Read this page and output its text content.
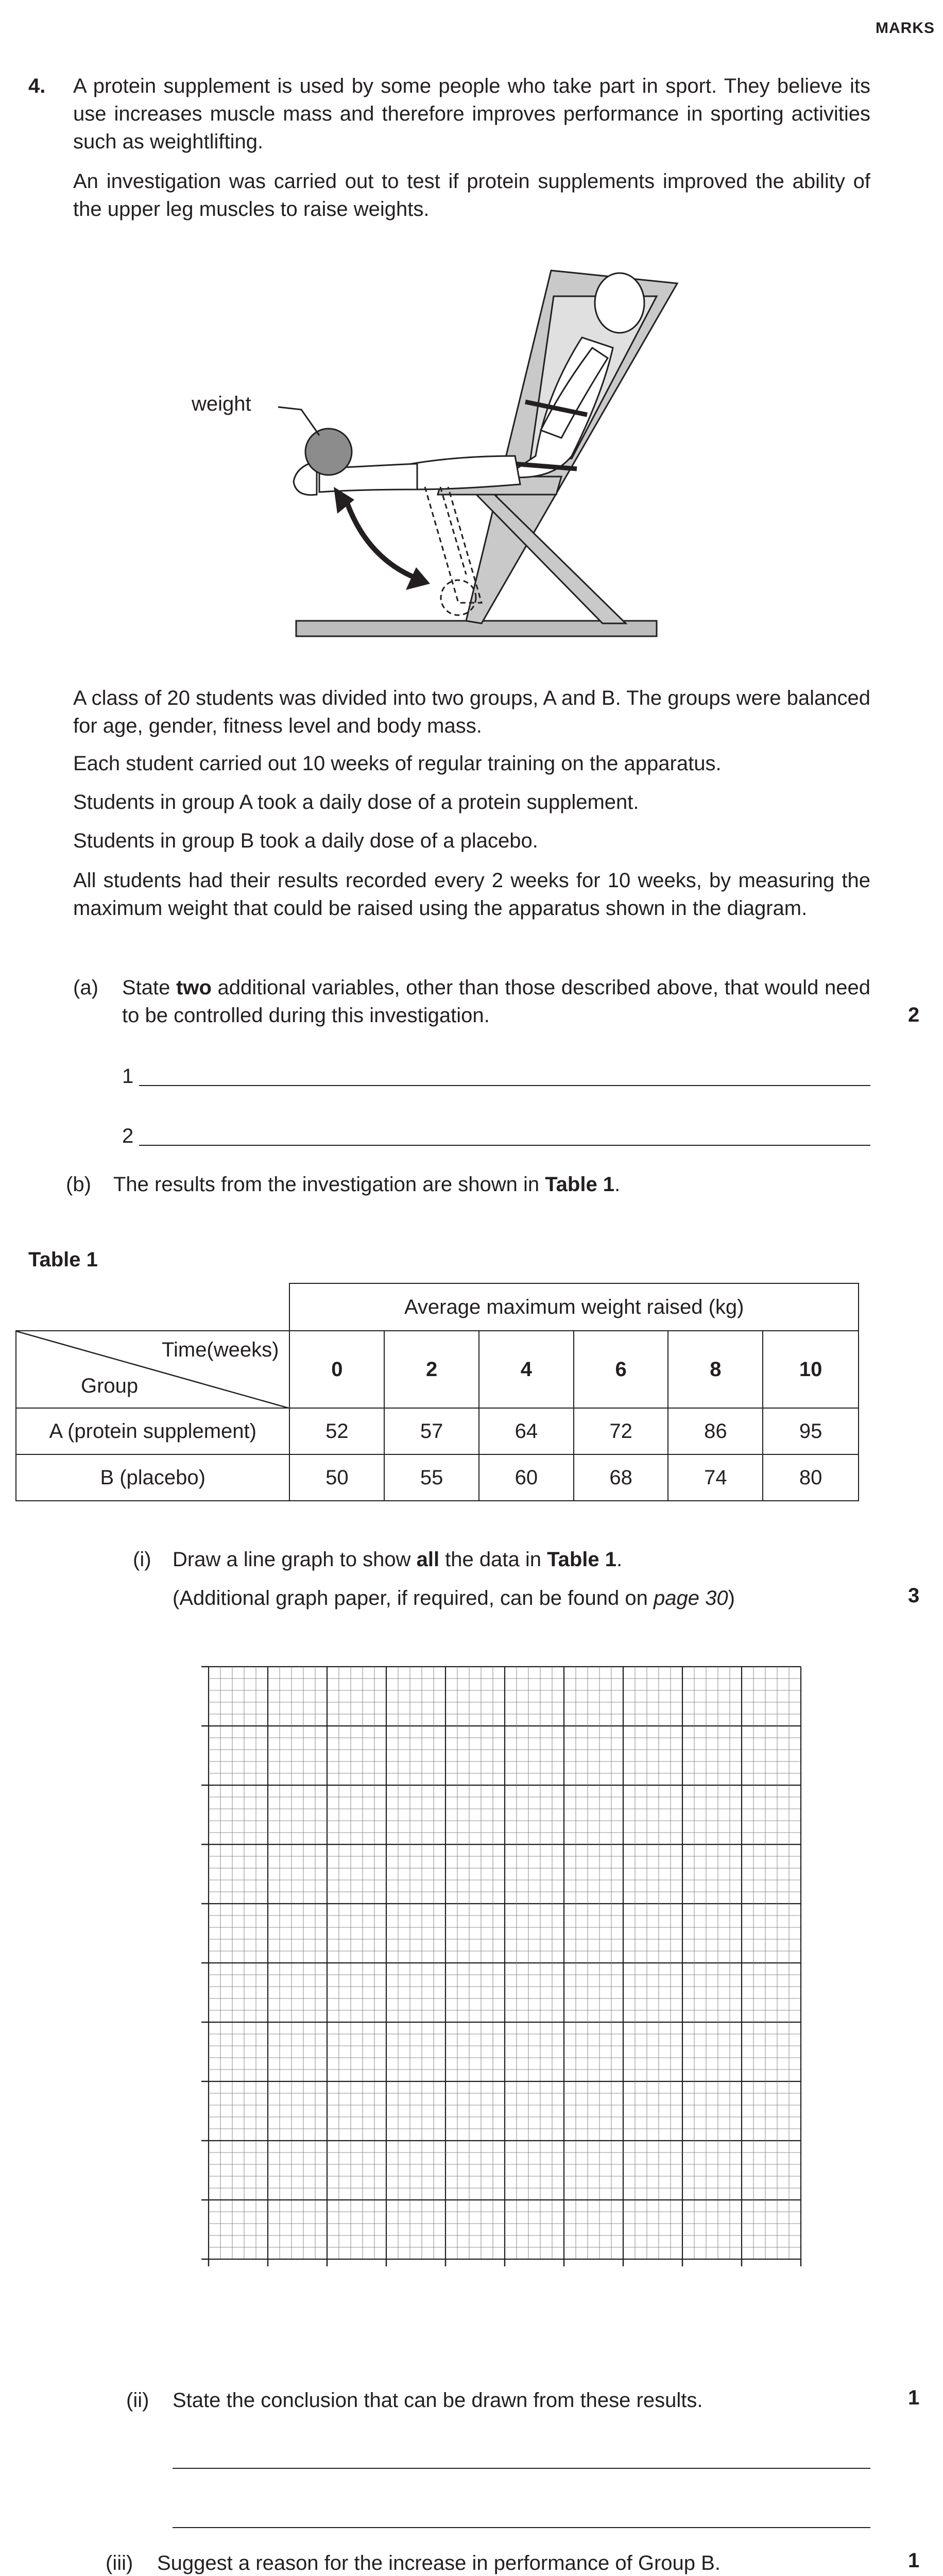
MARKS
4. A protein supplement is used by some people who take part in sport. They believe its use increases muscle mass and therefore improves performance in sporting activities such as weightlifting.
An investigation was carried out to test if protein supplements improved the ability of the upper leg muscles to raise weights.
weight
A class of 20 students was divided into two groups, A and B. The groups were balanced for age, gender, fitness level and body mass.
Each student carried out 10 weeks of regular training on the apparatus.
Students in group A took a daily dose of a protein supplement.
Students in group B took a daily dose of a placebo.
All students had their results recorded every 2 weeks for 10 weeks, by measuring the maximum weight that could be raised using the apparatus shown in the diagram.
(a) State two additional variables, other than those described above, that would need to be controlled during this investigation.	2
1
2
(b) The results from the investigation are shown in Table 1.
Table 1
	Average maximum weight raised (kg)					

Time(weeks)
Group	0	2	4	6	8	10
A (protein supplement)	52	57	64	72	86	95
B (placebo)	50	55	60	68	74	80
(i) Draw a line graph to show all the data in Table 1.
(Additional graph paper, if required, can be found on page 30)	3
(ii) State the conclusion that can be drawn from these results.	1
(iii) Suggest a reason for the increase in performance of Group B.	1
